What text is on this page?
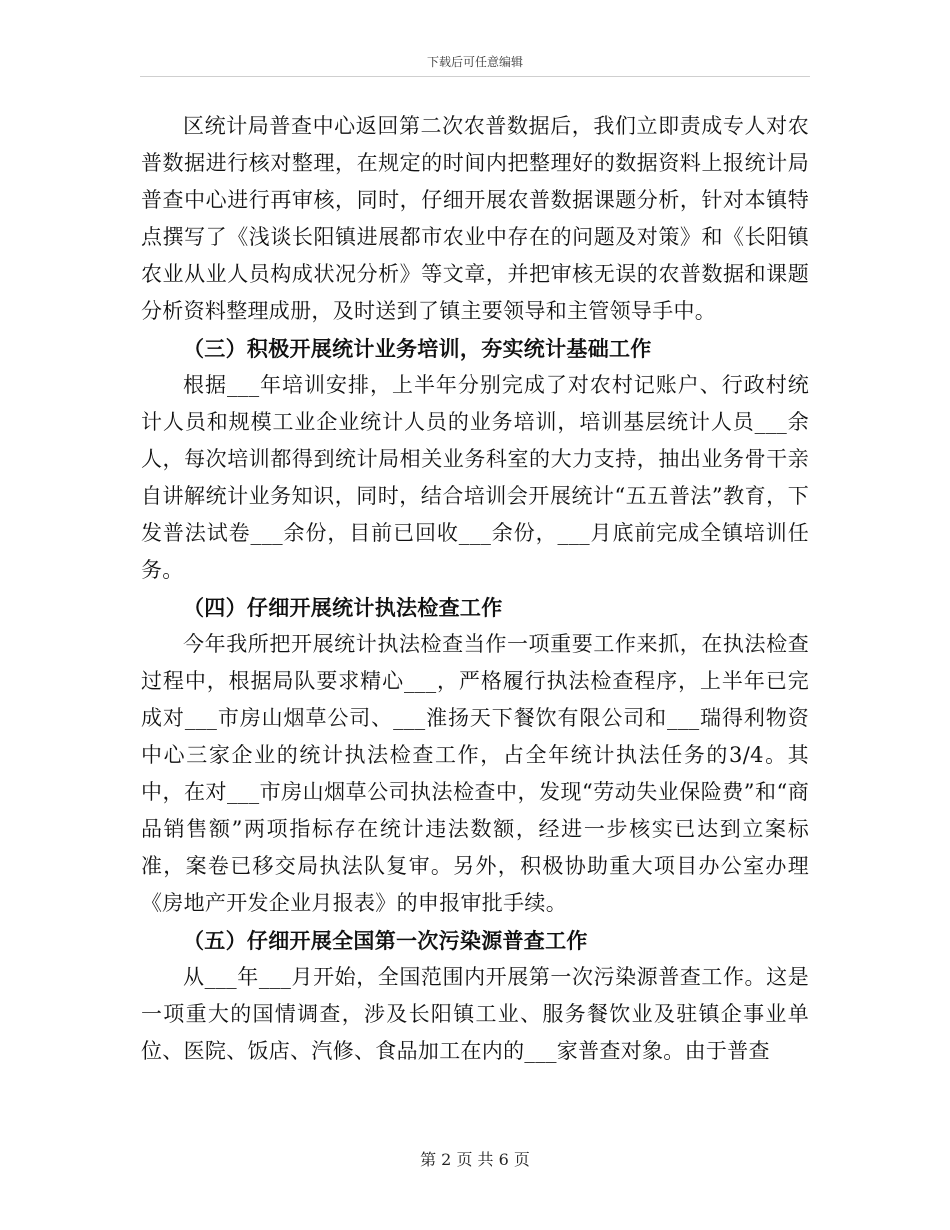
下载后可任意编辑

区统计局普查中心返回第二次农普数据后，我们立即责成专人对农普数据进行核对整理，在规定的时间内把整理好的数据资料上报统计局普查中心进行再审核，同时，仔细开展农普数据课题分析，针对本镇特点撰写了《浅谈长阳镇进展都市农业中存在的问题及对策》和《长阳镇农业从业人员构成状况分析》等文章，并把审核无误的农普数据和课题分析资料整理成册，及时送到了镇主要领导和主管领导手中。

（三）积极开展统计业务培训，夯实统计基础工作

根据___年培训安排，上半年分别完成了对农村记账户、行政村统计人员和规模工业企业统计人员的业务培训，培训基层统计人员___余人，每次培训都得到统计局相关业务科室的大力支持，抽出业务骨干亲自讲解统计业务知识，同时，结合培训会开展统计“五五普法”教育，下发普法试卷___余份，目前已回收___余份，___月底前完成全镇培训任务。

（四）仔细开展统计执法检查工作

今年我所把开展统计执法检查当作一项重要工作来抓，在执法检查过程中，根据局队要求精心___，严格履行执法检查程序，上半年已完成对___市房山烟草公司、___淮扬天下餐饮有限公司和___瑞得利物资中心三家企业的统计执法检查工作，占全年统计执法任务的3/4。其中，在对___市房山烟草公司执法检查中，发现“劳动失业保险费”和“商品销售额”两项指标存在统计违法数额，经进一步核实已达到立案标准，案卷已移交局执法队复审。另外，积极协助重大项目办公室办理《房地产开发企业月报表》的申报审批手续。

（五）仔细开展全国第一次污染源普查工作

从___年___月开始，全国范围内开展第一次污染源普查工作。这是一项重大的国情调查，涉及长阳镇工业、服务餐饮业及驻镇企事业单位、医院、饭店、汽修、食品加工在内的___家普查对象。由于普查

第 2 页 共 6 页
